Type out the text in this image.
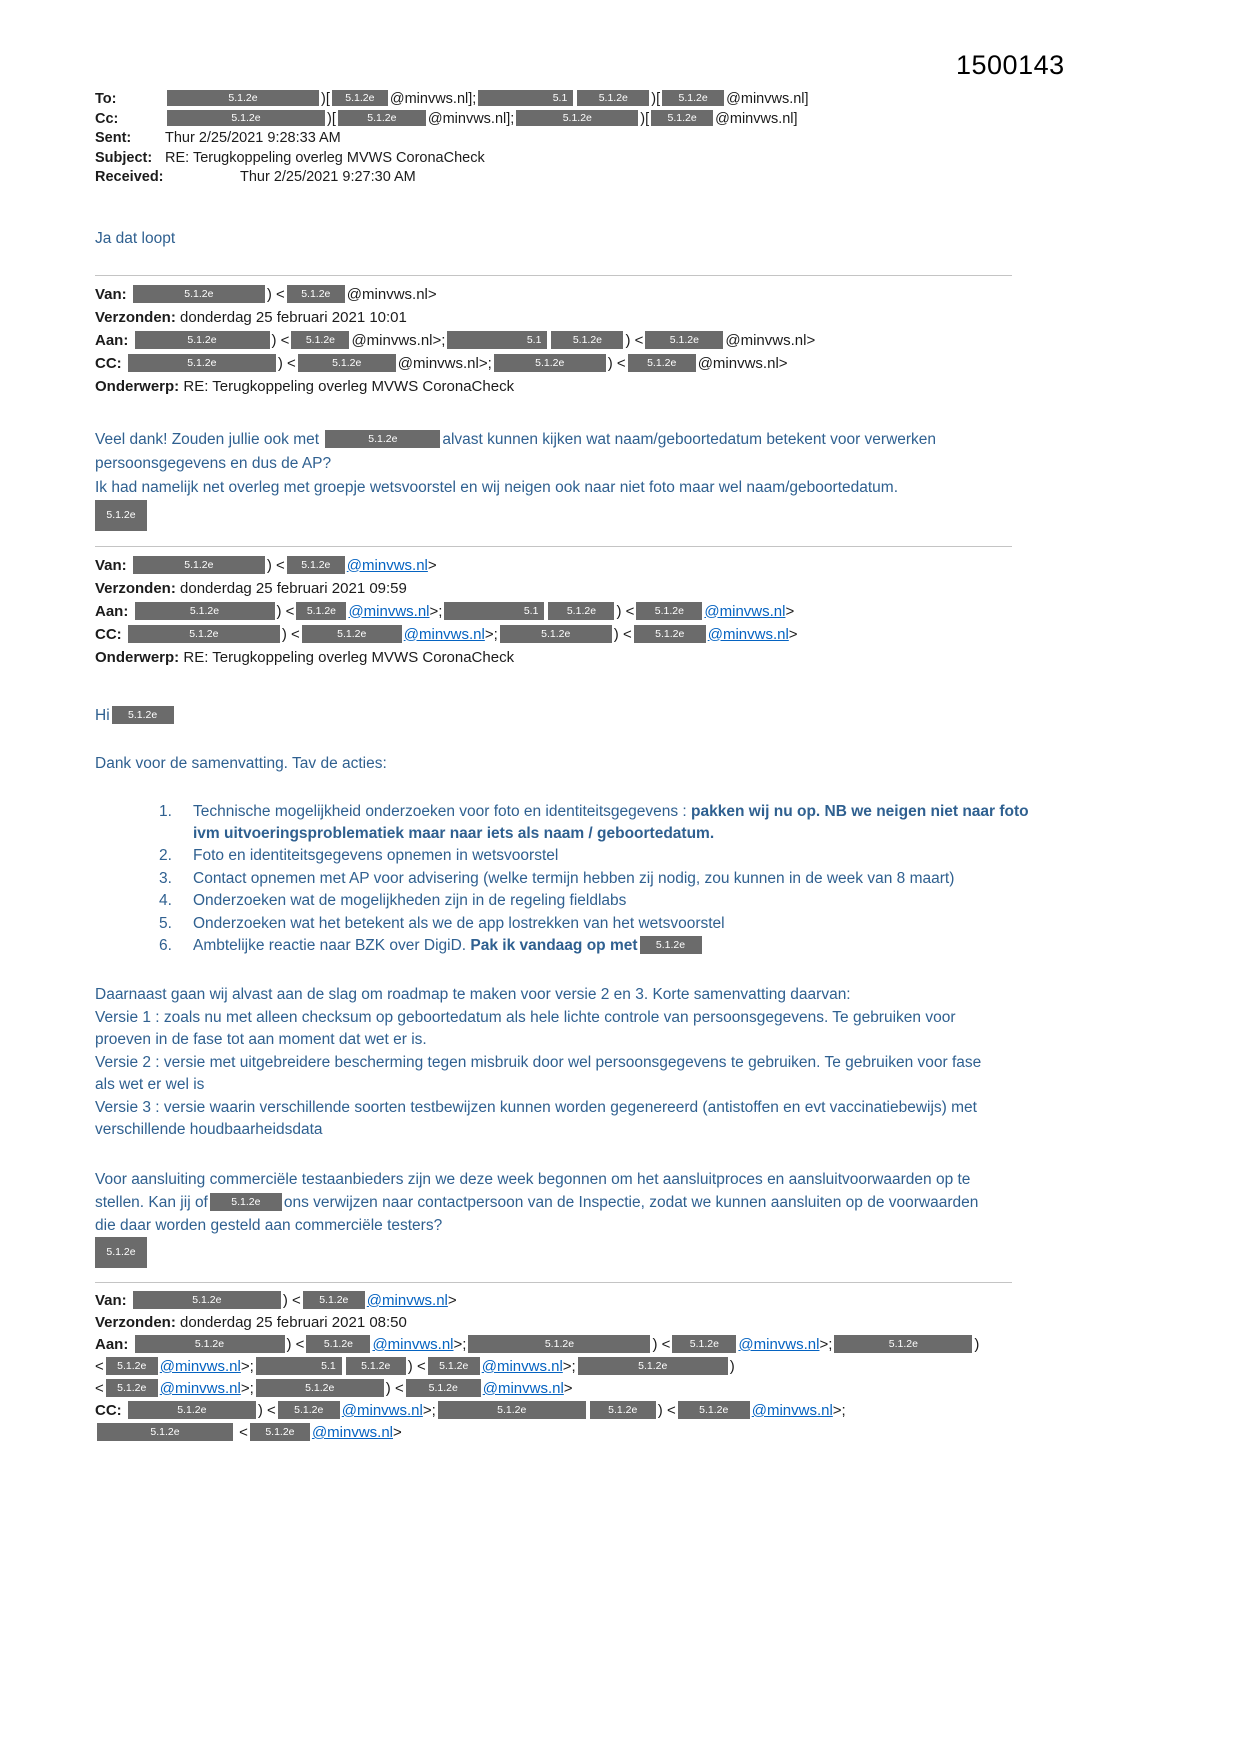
1500143
To:	5.1.2e	)[ 5.1.2e @minvws.nl];	5.1	5.1.2e )[ 5.1.2e @minvws.nl]
Cc:	5.1.2e	)[	5.1.2e @minvws.nl];	5.1.2e	)[ 5.1.2e @minvws.nl]
Sent:	Thur 2/25/2021 9:28:33 AM
Subject: RE: Terugkoppeling overleg MVWS CoronaCheck
Received:	Thur 2/25/2021 9:27:30 AM
Ja dat loopt
Van:	5.1.2e	) < 5.1.2e @minvws.nl>
Verzonden: donderdag 25 februari 2021 10:01
Aan:	5.1.2e	) < 5.1.2e @minvws.nl>;	5.1	5.1.2e ) <	5.1.2e @minvws.nl>
CC:	5.1.2e	) <	5.1.2e @minvws.nl>;	5.1.2e	) < 5.1.2e @minvws.nl>
Onderwerp: RE: Terugkoppeling overleg MVWS CoronaCheck
Veel dank! Zouden jullie ook met	5.1.2e	alvast kunnen kijken wat naam/geboortedatum betekent voor verwerken
persoonsgegevens en dus de AP?
Ik had namelijk net overleg met groepje wetsvoorstel en wij neigen ook naar niet foto maar wel naam/geboortedatum.
5.1.2e
Van:	5.1.2e	) < 5.1.2e @minvws.nl>
Verzonden: donderdag 25 februari 2021 09:59
Aan:	5.1.2e	) < 5.1.2e @minvws.nl>;	5.1	5.1.2e ) < 5.1.2e @minvws.nl>
CC:	5.1.2e	) <	5.1.2e @minvws.nl>;	5.1.2e	) < 5.1.2e @minvws.nl>
Onderwerp: RE: Terugkoppeling overleg MVWS CoronaCheck
Hi 5.1.2e
Dank voor de samenvatting. Tav de acties:
1.	Technische mogelijkheid onderzoeken voor foto en identiteitsgegevens : pakken wij nu op. NB we neigen niet naar foto
ivm uitvoeringsproblematiek maar naar iets als naam / geboortedatum.
2.	Foto en identiteitsgegevens opnemen in wetsvoorstel
3.	Contact opnemen met AP voor advisering (welke termijn hebben zij nodig, zou kunnen in de week van 8 maart)
4.	Onderzoeken wat de mogelijkheden zijn in de regeling fieldlabs
5.	Onderzoeken wat het betekent als we de app lostrekken van het wetsvoorstel
6.	Ambtelijke reactie naar BZK over DigiD. Pak ik vandaag op met 5.1.2e
Daarnaast gaan wij alvast aan de slag om roadmap te maken voor versie 2 en 3. Korte samenvatting daarvan:
Versie 1 : zoals nu met alleen checksum op geboortedatum als hele lichte controle van persoonsgegevens. Te gebruiken voor
proeven in de fase tot aan moment dat wet er is.
Versie 2 : versie met uitgebreidere bescherming tegen misbruik door wel persoonsgegevens te gebruiken. Te gebruiken voor fase
als wet er wel is
Versie 3 : versie waarin verschillende soorten testbewijzen kunnen worden gegenereerd (antistoffen en evt vaccinatiebewijs) met
verschillende houdbaarheidsdata
Voor aansluiting commerciële testaanbieders zijn we deze week begonnen om het aansluitproces en aansluitvoorwaarden op te
stellen. Kan jij of 5.1.2e ons verwijzen naar contactpersoon van de Inspectie, zodat we kunnen aansluiten op de voorwaarden
die daar worden gesteld aan commerciële testers?
5.1.2e
Van:	5.1.2e	) < 5.1.2e @minvws.nl>
Verzonden: donderdag 25 februari 2021 08:50
Aan:	5.1.2e	) < 5.1.2e @minvws.nl>;	5.1.2e	) < 5.1.2e @minvws.nl>;	5.1.2e	)
< 5.1.2e @minvws.nl>;	5.1 5.1.2e ) < 5.1.2e @minvws.nl>;	5.1.2e	)
< 5.1.2e @minvws.nl>;	5.1.2e	) < 5.1.2e @minvws.nl>
CC:	5.1.2e	) < 5.1.2e @minvws.nl>;	5.1.2e	5.1.2e ) < 5.1.2e @minvws.nl>;
5.1.2e	< 5.1.2e @minvws.nl>
